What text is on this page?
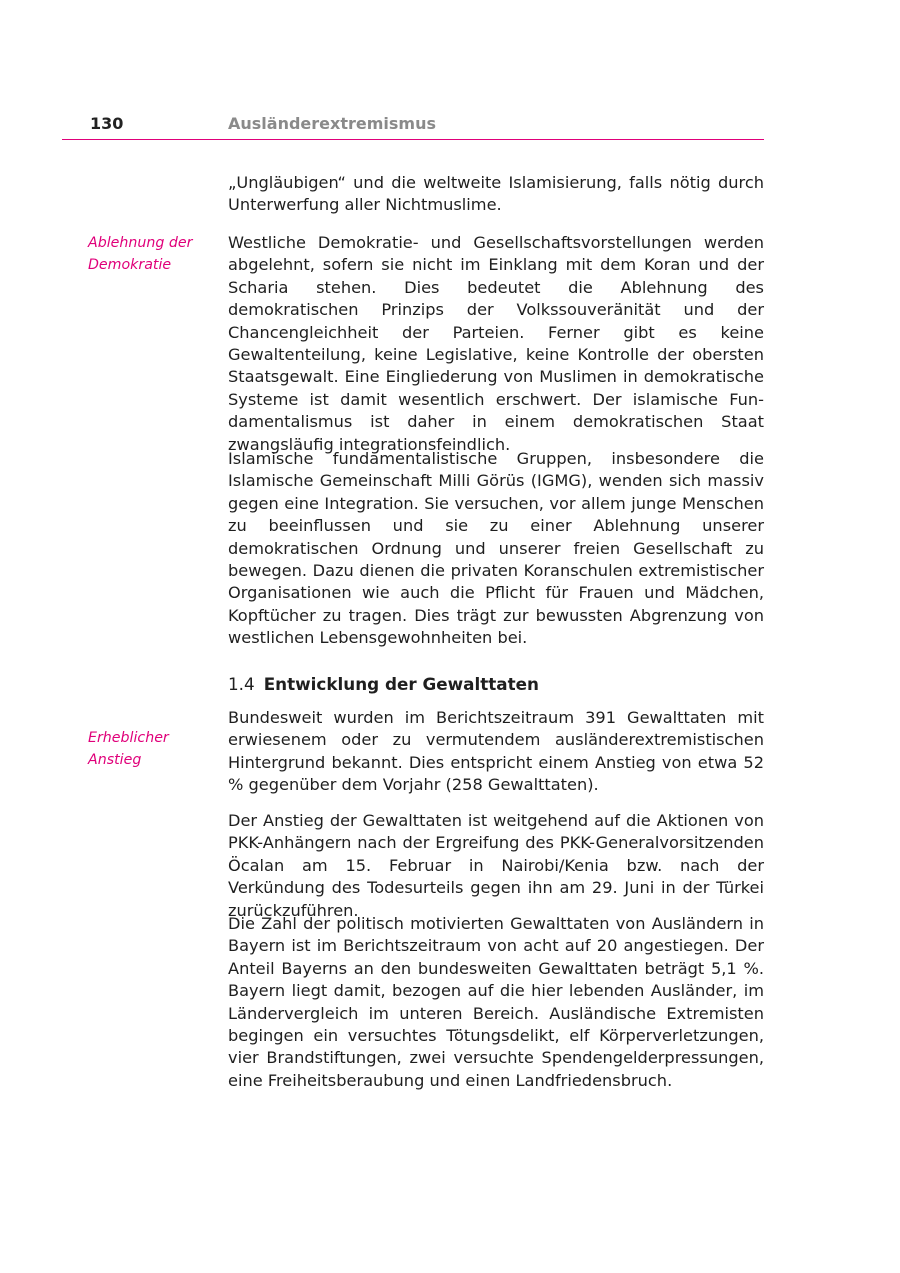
130	Ausländerextremismus
Ablehnung der Demokratie
Erheblicher Anstieg
„Ungläubigen“ und die weltweite Islamisierung, falls nötig durch Unterwerfung aller Nichtmuslime.
Westliche Demokratie- und Gesellschaftsvorstellungen werden abgelehnt, sofern sie nicht im Einklang mit dem Koran und der Scharia stehen. Dies bedeutet die Ablehnung des demokratischen Prinzips der Volkssouveränität und der Chancengleichheit der Parteien. Ferner gibt es keine Gewaltenteilung, keine Legislative, keine Kontrolle der obersten Staatsgewalt. Eine Eingliederung von Muslimen in demokratische Systeme ist damit wesentlich erschwert. Der islamische Fundamentalismus ist daher in einem demokratischen Staat zwangsläufig integrationsfeindlich.
Islamische fundamentalistische Gruppen, insbesondere die Islamische Gemeinschaft Milli Görüs (IGMG), wenden sich massiv gegen eine Integration. Sie versuchen, vor allem junge Menschen zu beeinflussen und sie zu einer Ablehnung unserer demokratischen Ordnung und unserer freien Gesellschaft zu bewegen. Dazu dienen die privaten Koranschulen extremistischer Organisationen wie auch die Pflicht für Frauen und Mädchen, Kopftücher zu tragen. Dies trägt zur bewussten Abgrenzung von westlichen Lebensgewohnheiten bei.
1.4 Entwicklung der Gewalttaten
Bundesweit wurden im Berichtszeitraum 391 Gewalttaten mit erwiesenem oder zu vermutendem ausländerextremistischen Hintergrund bekannt. Dies entspricht einem Anstieg von etwa 52 % gegenüber dem Vorjahr (258 Gewalttaten).
Der Anstieg der Gewalttaten ist weitgehend auf die Aktionen von PKK-Anhängern nach der Ergreifung des PKK-Generalvorsitzenden Öcalan am 15. Februar in Nairobi/Kenia bzw. nach der Verkündung des Todesurteils gegen ihn am 29. Juni in der Türkei zurückzuführen.
Die Zahl der politisch motivierten Gewalttaten von Ausländern in Bayern ist im Berichtszeitraum von acht auf 20 angestiegen. Der Anteil Bayerns an den bundesweiten Gewalttaten beträgt 5,1 %. Bayern liegt damit, bezogen auf die hier lebenden Ausländer, im Ländervergleich im unteren Bereich. Ausländische Extremisten begingen ein versuchtes Tötungsdelikt, elf Körperverletzungen, vier Brandstiftungen, zwei versuchte Spendengelderpressungen, eine Freiheitsberaubung und einen Landfriedensbruch.
